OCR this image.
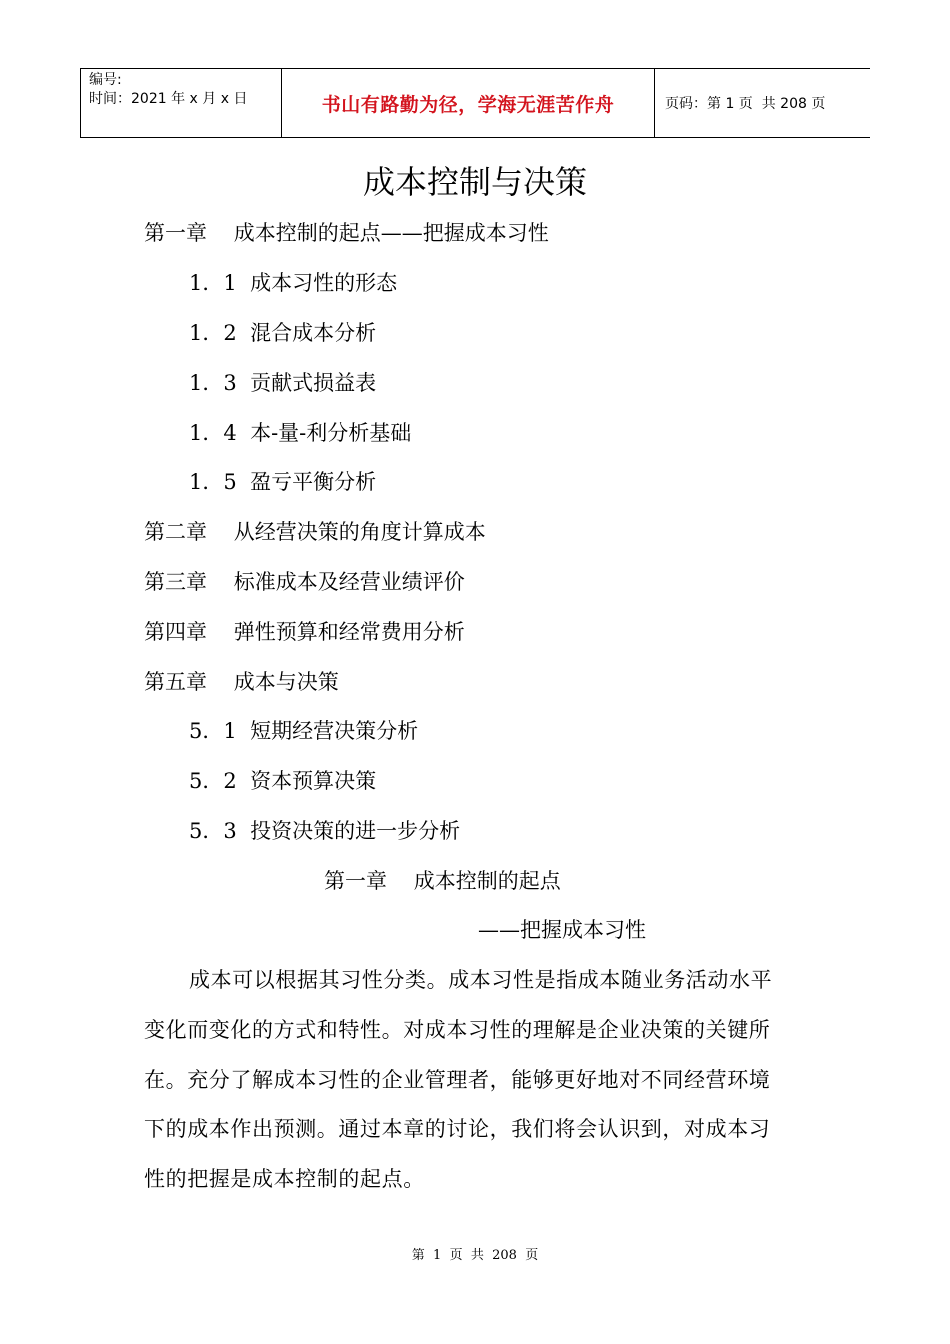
编号:
时间：2021 年 x 月 x 日	书山有路勤为径，学海无涯苦作舟	页码：第 1 页  共 208 页
成本控制与决策
第一章    成本控制的起点——把握成本习性
1．1  成本习性的形态
1．2  混合成本分析
1．3  贡献式损益表
1．4  本-量-利分析基础
1．5  盈亏平衡分析
第二章    从经营决策的角度计算成本
第三章    标准成本及经营业绩评价
第四章    弹性预算和经常费用分析
第五章    成本与决策
5．1  短期经营决策分析
5．2  资本预算决策
5．3  投资决策的进一步分析
第一章    成本控制的起点
——把握成本习性
成本可以根据其习性分类。成本习性是指成本随业务活动水平
变化而变化的方式和特性。对成本习性的理解是企业决策的关键所
在。充分了解成本习性的企业管理者，能够更好地对不同经营环境
下的成本作出预测。通过本章的讨论，我们将会认识到，对成本习
性的把握是成本控制的起点。
第  1  页  共  208  页
